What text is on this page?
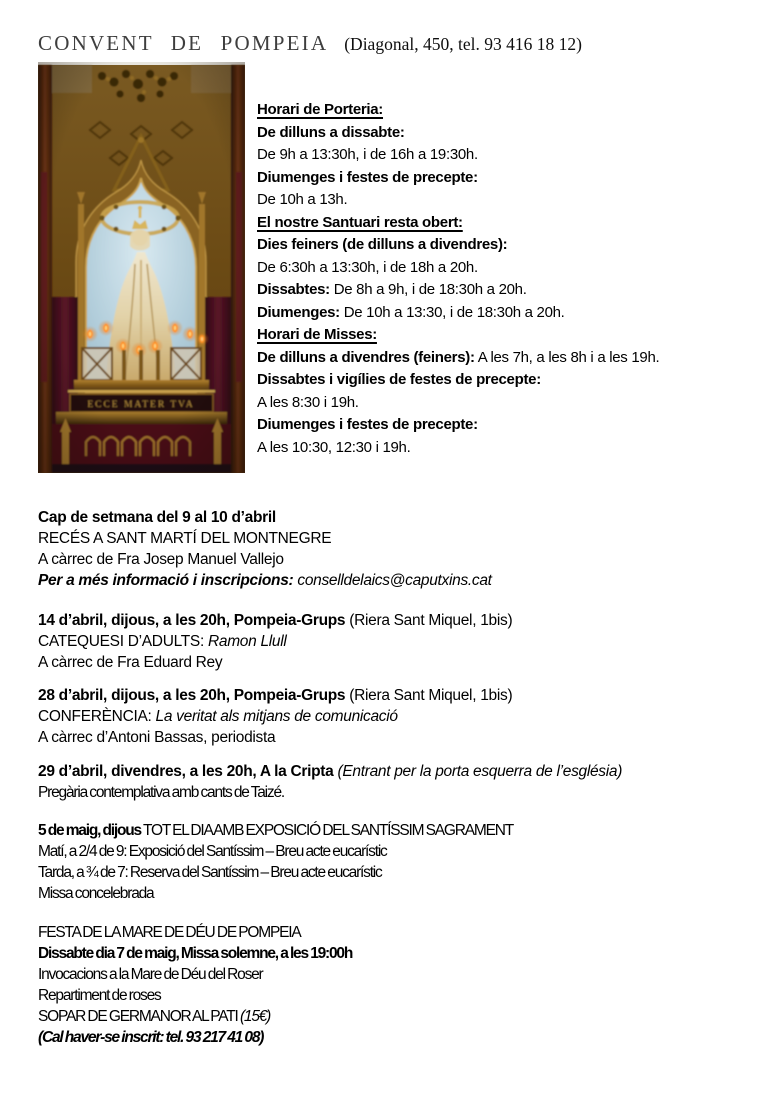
CONVENT DE POMPEIA (Diagonal, 450, tel. 93 416 18 12)
Horari de Porteria:
De dilluns a dissabte:
De 9h a 13:30h, i de 16h a 19:30h.
Diumenges i festes de precepte:
De 10h a 13h.
El nostre Santuari resta obert:
Dies feiners (de dilluns a divendres):
De 6:30h a 13:30h, i de 18h a 20h.
Dissabtes: De 8h a 9h, i de 18:30h a 20h.
Diumenges: De 10h a 13:30, i de 18:30h a 20h.
Horari de Misses:
De dilluns a divendres (feiners): A les 7h, a les 8h i a les 19h.
Dissabtes i vigílies de festes de precepte:
A les 8:30 i 19h.
Diumenges i festes de precepte:
A les 10:30, 12:30 i 19h.
Cap de setmana del 9 al 10 d’abril
RECÉS A SANT MARTÍ DEL MONTNEGRE
A càrrec de Fra Josep Manuel Vallejo
Per a més informació i inscripcions: conselldelaics@caputxins.cat
14 d’abril, dijous, a les 20h, Pompeia-Grups (Riera Sant Miquel, 1bis)
CATEQUESI D’ADULTS: Ramon Llull
A càrrec de Fra Eduard Rey
28 d’abril, dijous, a les 20h, Pompeia-Grups (Riera Sant Miquel, 1bis)
CONFERÈNCIA: La veritat als mitjans de comunicació
A càrrec d’Antoni Bassas, periodista
29 d’abril, divendres, a les 20h, A la Cripta (Entrant per la porta esquerra de l’església)
Pregària contemplativa amb cants de Taizé.
5 de maig, dijous TOT EL DIA AMB EXPOSICIÓ DEL SANTÍSSIM SAGRAMENT
Matí, a 2/4 de 9: Exposició del Santíssim – Breu acte eucarístic
Tarda, a ¾ de 7: Reserva del Santíssim – Breu acte eucarístic
Missa concelebrada
FESTA DE LA MARE DE DÉU DE POMPEIA
Dissabte dia 7 de maig, Missa solemne, a les 19:00h
Invocacions a la Mare de Déu del Roser
Repartiment de roses
SOPAR DE GERMANOR AL PATI (15€)
(Cal haver-se inscrit: tel. 93 217 41 08)
